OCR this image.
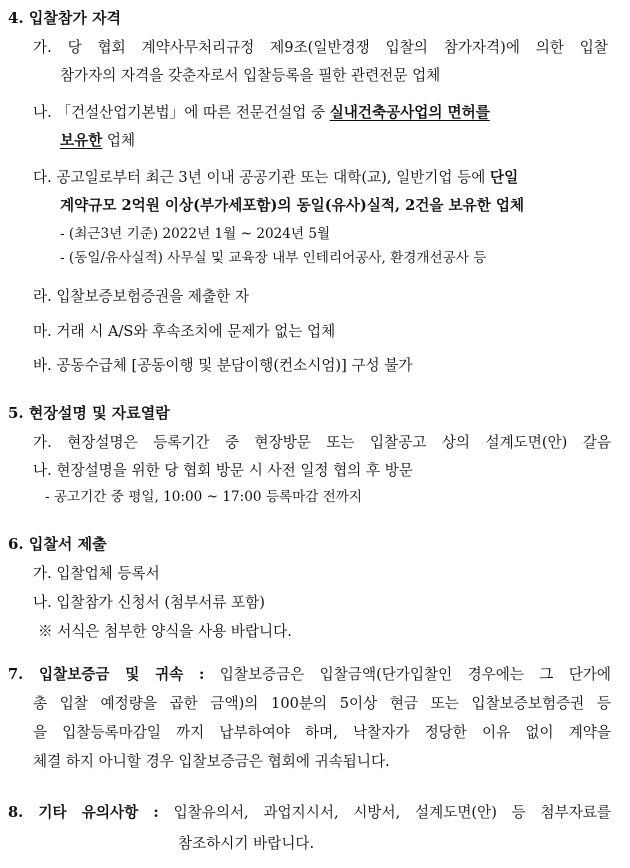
4. 입찰참가 자격
가. 당 협회 계약사무처리규정 제9조(일반경쟁 입찰의 참가자격)에 의한 입찰
참가자의 자격을 갖춘자로서 입찰등록을 필한 관련전문 업체
나. 「건설산업기본법」에 따른 전문건설업 중 실내건축공사업의 면허를
보유한 업체
다. 공고일로부터 최근 3년 이내 공공기관 또는 대학(교), 일반기업 등에 단일
계약규모 2억원 이상(부가세포함)의 동일(유사)실적, 2건을 보유한 업체
- (최근3년 기준) 2022년 1월 ~ 2024년 5월
- (동일/유사실적) 사무실 및 교육장 내부 인테리어공사, 환경개선공사 등
라. 입찰보증보험증권을 제출한 자
마. 거래 시 A/S와 후속조치에 문제가 없는 업체
바. 공동수급체 [공동이행 및 분담이행(컨소시엄)] 구성 불가
5. 현장설명 및 자료열람
가. 현장설명은 등록기간 중 현장방문 또는 입찰공고 상의 설계도면(안) 갈음
나. 현장설명을 위한 당 협회 방문 시 사전 일정 협의 후 방문
- 공고기간 중 평일, 10:00 ~ 17:00 등록마감 전까지
6. 입찰서 제출
가. 입찰업체 등록서
나. 입찰참가 신청서 (첨부서류 포함)
※ 서식은 첨부한 양식을 사용 바랍니다.
7. 입찰보증금 및 귀속 : 입찰보증금은 입찰금액(단가입찰인 경우에는 그 단가에
총 입찰 예정량을 곱한 금액)의 100분의 5이상 현금 또는 입찰보증보험증권 등
을 입찰등록마감일 까지 납부하여야 하며, 낙찰자가 정당한 이유 없이 계약을
체결 하지 아니할 경우 입찰보증금은 협회에 귀속됩니다.
8. 기타 유의사항 : 입찰유의서, 과업지시서, 시방서, 설계도면(안) 등 첨부자료를
참조하시기 바랍니다.
